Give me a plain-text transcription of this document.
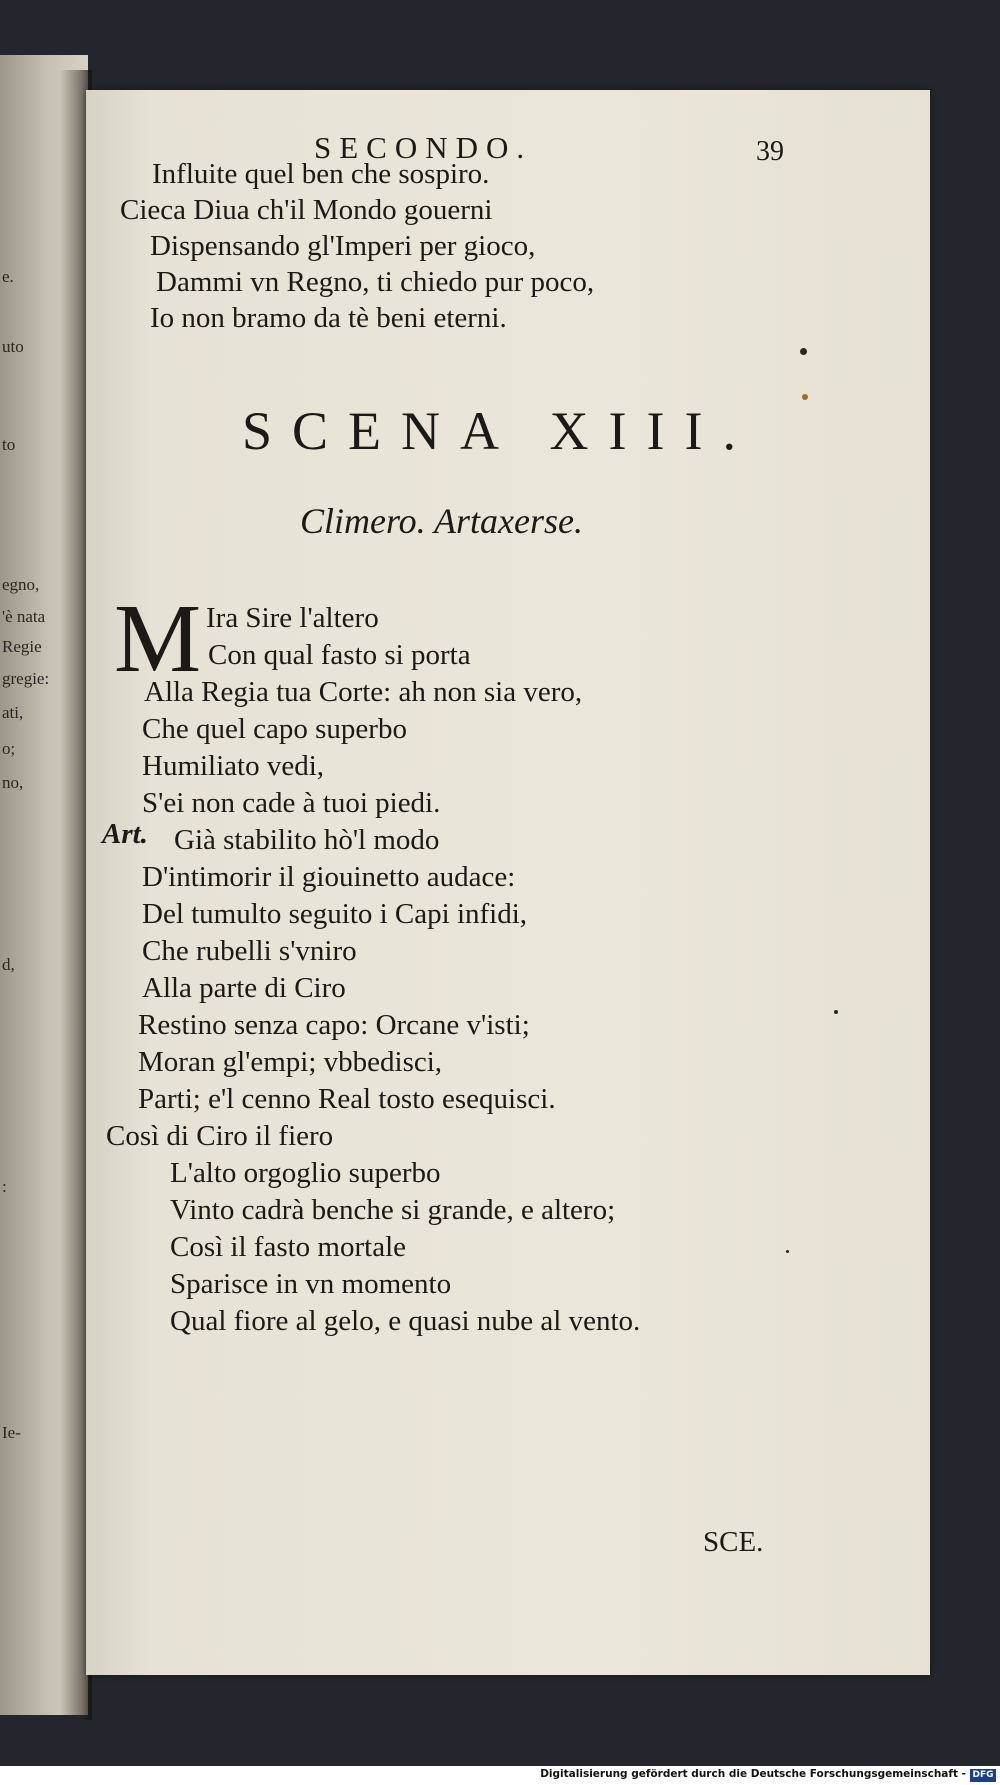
e.
uto
to
egno,
'è nata
Regie
gregie:
ati,
o;
no,
d,
:
Ie-
SECONDO.	39
Influite quel ben che sospiro.
Cieca Diua ch'il Mondo gouerni
Dispensando gl'Imperi per gioco,
Dammi vn Regno, ti chiedo pur poco,
Io non bramo da tè beni eterni.
SCENA XIII.
Climero. Artaxerse.
M Ira Sire l'altero
Con qual fasto si porta
Alla Regia tua Corte: ah non sia vero,
Che quel capo superbo
Humiliato vedi,
S'ei non cade à tuoi piedi.
Già stabilito hò'l modo
D'intimorir il giouinetto audace:
Del tumulto seguito i Capi infidi,
Che rubelli s'vniro
Alla parte di Ciro
Restino senza capo: Orcane v'isti;
Moran gl'empi; vbbedisci,
Parti; e'l cenno Real tosto esequisci.
Così di Ciro il fiero
L'alto orgoglio superbo
Vinto cadrà benche si grande, e altero;
Così il fasto mortale
Sparisce in vn momento
Qual fiore al gelo, e quasi nube al vento.
Art.
SCE.
Digitalisierung gefördert durch die Deutsche Forschungsgemeinschaft - DFG
